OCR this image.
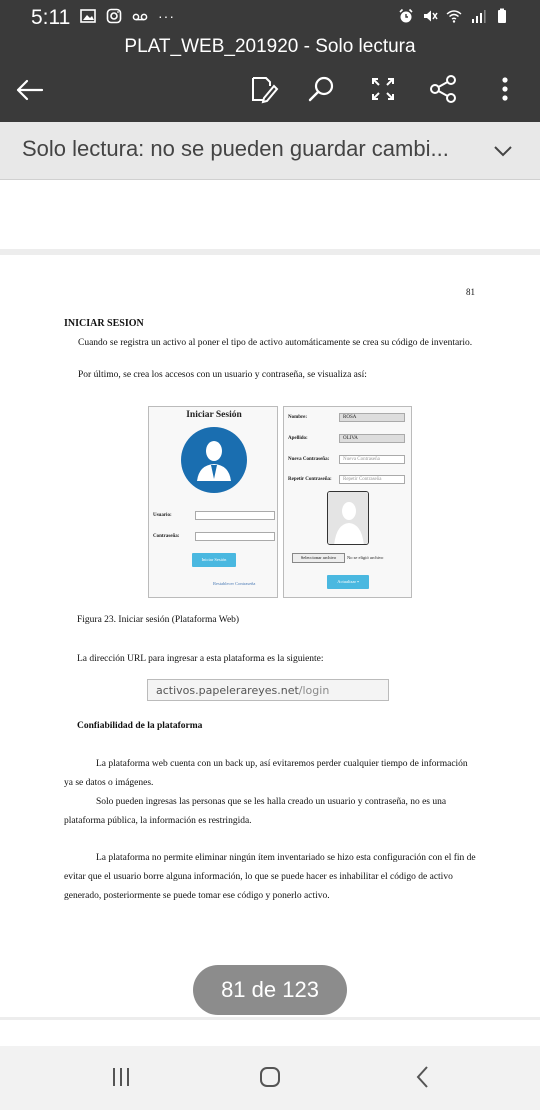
5:11	···
PLAT_WEB_201920 - Solo lectura
Solo lectura: no se pueden guardar cambi...
81
INICIAR SESION
Cuando se registra un activo al poner el tipo de activo automáticamente se crea su código de inventario.
Por último, se crea los accesos con un usuario y contraseña, se visualiza así:
Iniciar Sesión
Usuario:
Contraseña:
Iniciar Sesión
Restablecer Contraseña
Nombre:	ROSA
Apellido:	OLIVA
Nueva Contraseña:	Nueva Contraseña
Repetir Contraseña: Repetir Contraseña
Seleccionar archivo	No se eligió archivo
Actualizar ▪
Figura 23. Iniciar sesión (Plataforma Web)
La dirección URL para ingresar a esta plataforma es la siguiente:
activos.papelerareyes.net/login
Confiabilidad de la plataforma
La plataforma web cuenta con un back up, así evitaremos perder cualquier tiempo de información ya se datos o imágenes.
Solo pueden ingresas las personas que se les halla creado un usuario y contraseña, no es una plataforma pública, la información es restringida.
La plataforma no permite eliminar ningún ítem inventariado se hizo esta configuración con el fin de evitar que el usuario borre alguna información, lo que se puede hacer es inhabilitar el código de activo generado, posteriormente se puede tomar ese código y ponerlo activo.
81 de 123
